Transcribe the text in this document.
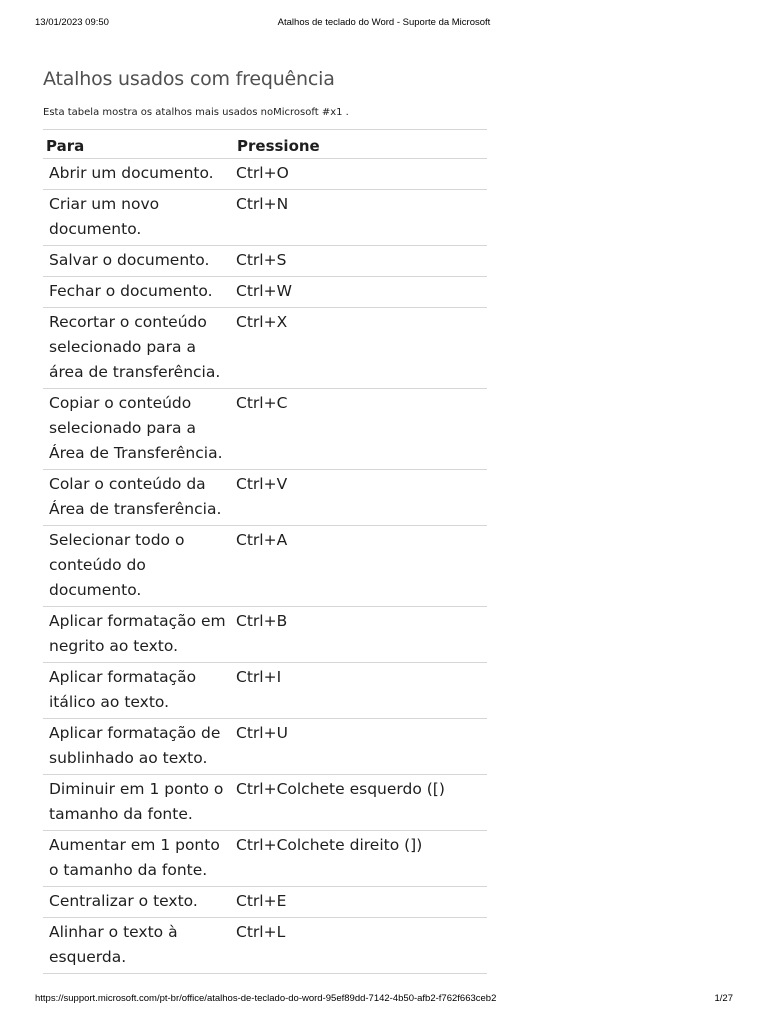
13/01/2023 09:50	Atalhos de teclado do Word - Suporte da Microsoft
Atalhos usados com frequência

Esta tabela mostra os atalhos mais usados noMicrosoft #x1 .

Para	Pressione
Abrir um documento.	Ctrl+O
Criar um novo documento.	Ctrl+N
Salvar o documento.	Ctrl+S
Fechar o documento.	Ctrl+W
Recortar o conteúdo selecionado para a área de transferência.	Ctrl+X
Copiar o conteúdo selecionado para a Área de Transferência.	Ctrl+C
Colar o conteúdo da Área de transferência.	Ctrl+V
Selecionar todo o conteúdo do documento.	Ctrl+A
Aplicar formatação em negrito ao texto.	Ctrl+B
Aplicar formatação itálico ao texto.	Ctrl+I
Aplicar formatação de sublinhado ao texto.	Ctrl+U
Diminuir em 1 ponto o tamanho da fonte.	Ctrl+Colchete esquerdo ([)
Aumentar em 1 ponto o tamanho da fonte.	Ctrl+Colchete direito (])
Centralizar o texto.	Ctrl+E
Alinhar o texto à esquerda.	Ctrl+L
https://support.microsoft.com/pt-br/office/atalhos-de-teclado-do-word-95ef89dd-7142-4b50-afb2-f762f663ceb2	1/27
